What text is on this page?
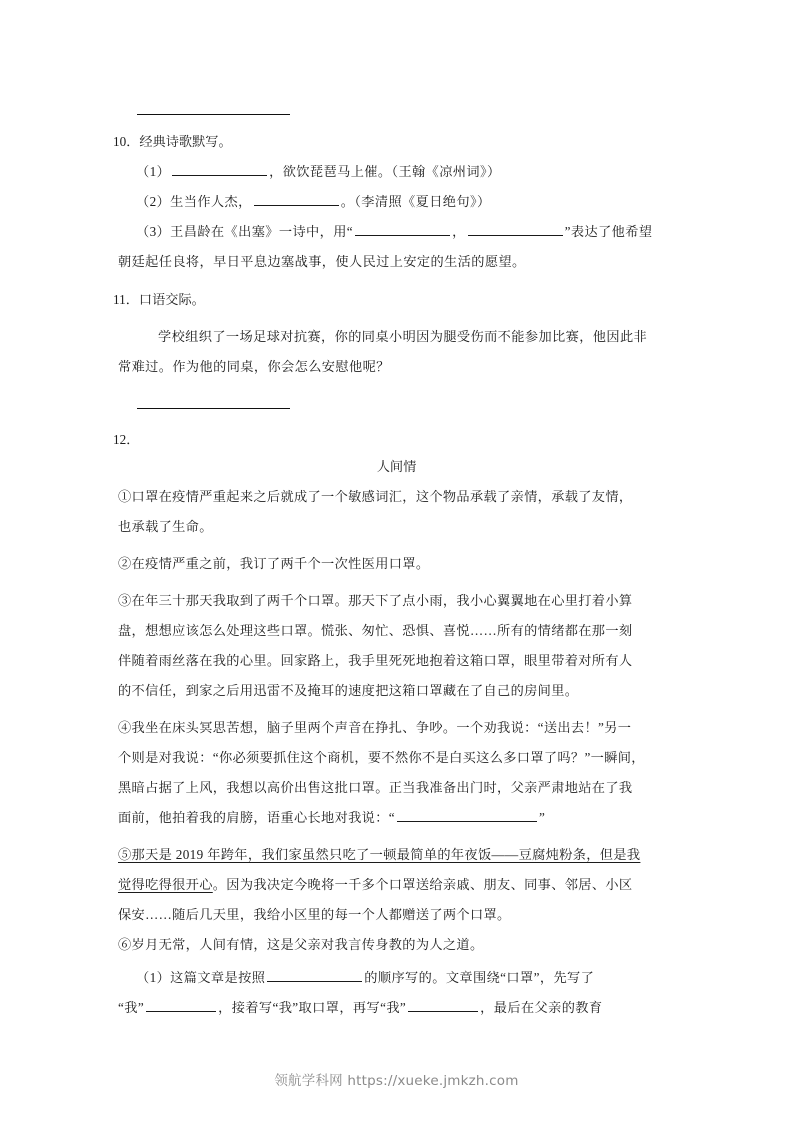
10．经典诗歌默写。
（1）	，欲饮琵琶马上催。（王翰《凉州词》）
（2）生当作人杰，	。（李清照《夏日绝句》）
（3）王昌龄在《出塞》一诗中，用“	，	”表达了他希望
朝廷起任良将，早日平息边塞战事，使人民过上安定的生活的愿望。
11．口语交际。
学校组织了一场足球对抗赛，你的同桌小明因为腿受伤而不能参加比赛，他因此非
常难过。作为他的同桌，你会怎么安慰他呢？
12．
人间情
①口罩在疫情严重起来之后就成了一个敏感词汇，这个物品承载了亲情，承载了友情，
也承载了生命。
②在疫情严重之前，我订了两千个一次性医用口罩。
③在年三十那天我取到了两千个口罩。那天下了点小雨，我小心翼翼地在心里打着小算
盘，想想应该怎么处理这些口罩。慌张、匆忙、恐惧、喜悦……所有的情绪都在那一刻
伴随着雨丝落在我的心里。回家路上，我手里死死地抱着这箱口罩，眼里带着对所有人
的不信任，到家之后用迅雷不及掩耳的速度把这箱口罩藏在了自己的房间里。
④我坐在床头冥思苦想，脑子里两个声音在挣扎、争吵。一个劝我说：“送出去！”另一
个则是对我说：“你必须要抓住这个商机，要不然你不是白买这么多口罩了吗？”一瞬间，
黑暗占据了上风，我想以高价出售这批口罩。正当我准备出门时，父亲严肃地站在了我
面前，他拍着我的肩膀，语重心长地对我说：“	”
⑤那天是 2019 年跨年，我们家虽然只吃了一顿最简单的年夜饭——豆腐炖粉条，但是我
觉得吃得很开心。因为我决定今晚将一千多个口罩送给亲戚、朋友、同事、邻居、小区
保安……随后几天里，我给小区里的每一个人都赠送了两个口罩。
⑥岁月无常，人间有情，这是父亲对我言传身教的为人之道。
（1）这篇文章是按照	的顺序写的。文章围绕“口罩”，先写了
“我”	，接着写“我”取口罩，再写“我”	，最后在父亲的教育
领航学科网 https://xueke.jmkzh.com
